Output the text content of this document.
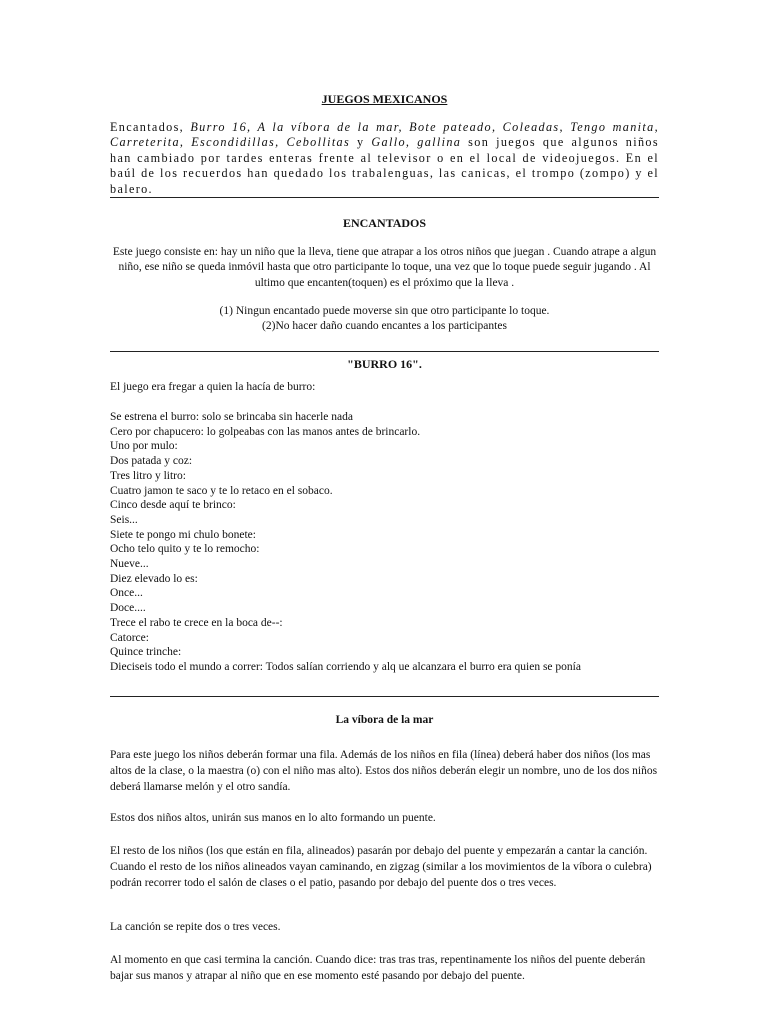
JUEGOS MEXICANOS
Encantados, Burro 16, A la víbora de la mar, Bote pateado, Coleadas, Tengo manita, Carreterita, Escondidillas, Cebollitas y Gallo, gallina son juegos que algunos niños han cambiado por tardes enteras frente al televisor o en el local de videojuegos. En el baúl de los recuerdos han quedado los trabalenguas, las canicas, el trompo (zompo) y el balero.
ENCANTADOS
Este juego consiste en: hay un niño que la lleva, tiene que atrapar a los otros niños que juegan . Cuando atrape a algun niño, ese niño se queda inmóvil hasta que otro participante lo toque, una vez que lo toque puede seguir jugando . Al ultimo que encanten(toquen) es el próximo que la lleva .
(1) Ningun encantado puede moverse sin que otro participante lo toque.
(2)No hacer daño cuando encantes a los participantes
"BURRO 16".
El juego era fregar a quien la hacía de burro:
Se estrena el burro: solo se brincaba sin hacerle nada
Cero por chapucero: lo golpeabas con las manos antes de brincarlo.
Uno por mulo:
Dos patada y coz:
Tres litro y litro:
Cuatro jamon te saco y te lo retaco en el sobaco.
Cinco desde aquí te brinco:
Seis...
Siete te pongo mi chulo bonete:
Ocho telo quito y te lo remocho:
Nueve...
Diez elevado lo es:
Once...
Doce....
Trece el rabo te crece en la boca de--:
Catorce:
Quince trinche:
Dieciseis todo el mundo a correr: Todos salían corriendo y alq ue alcanzara el burro era quien se ponía
La víbora de la mar
Para este juego los niños deberán formar una fila. Además de los niños en fila (línea) deberá haber dos niños (los mas altos de la clase, o la maestra (o) con el niño mas alto). Estos dos niños deberán elegir un nombre, uno de los dos niños deberá llamarse melón y el otro sandía.
Estos dos niños altos, unirán sus manos en lo alto formando un puente.
El resto de los niños (los que están en fila, alineados) pasarán por debajo del puente y empezarán a cantar la canción. Cuando el resto de los niños alineados vayan caminando, en zigzag (similar a los movimientos de la víbora o culebra) podrán recorrer todo el salón de clases o el patio, pasando por debajo del puente dos o tres veces.
La canción se repite dos o tres veces.
Al momento en que casi termina la canción. Cuando dice: tras tras tras, repentinamente los niños del puente deberán bajar sus manos y atrapar al niño que en ese momento esté pasando por debajo del puente.
